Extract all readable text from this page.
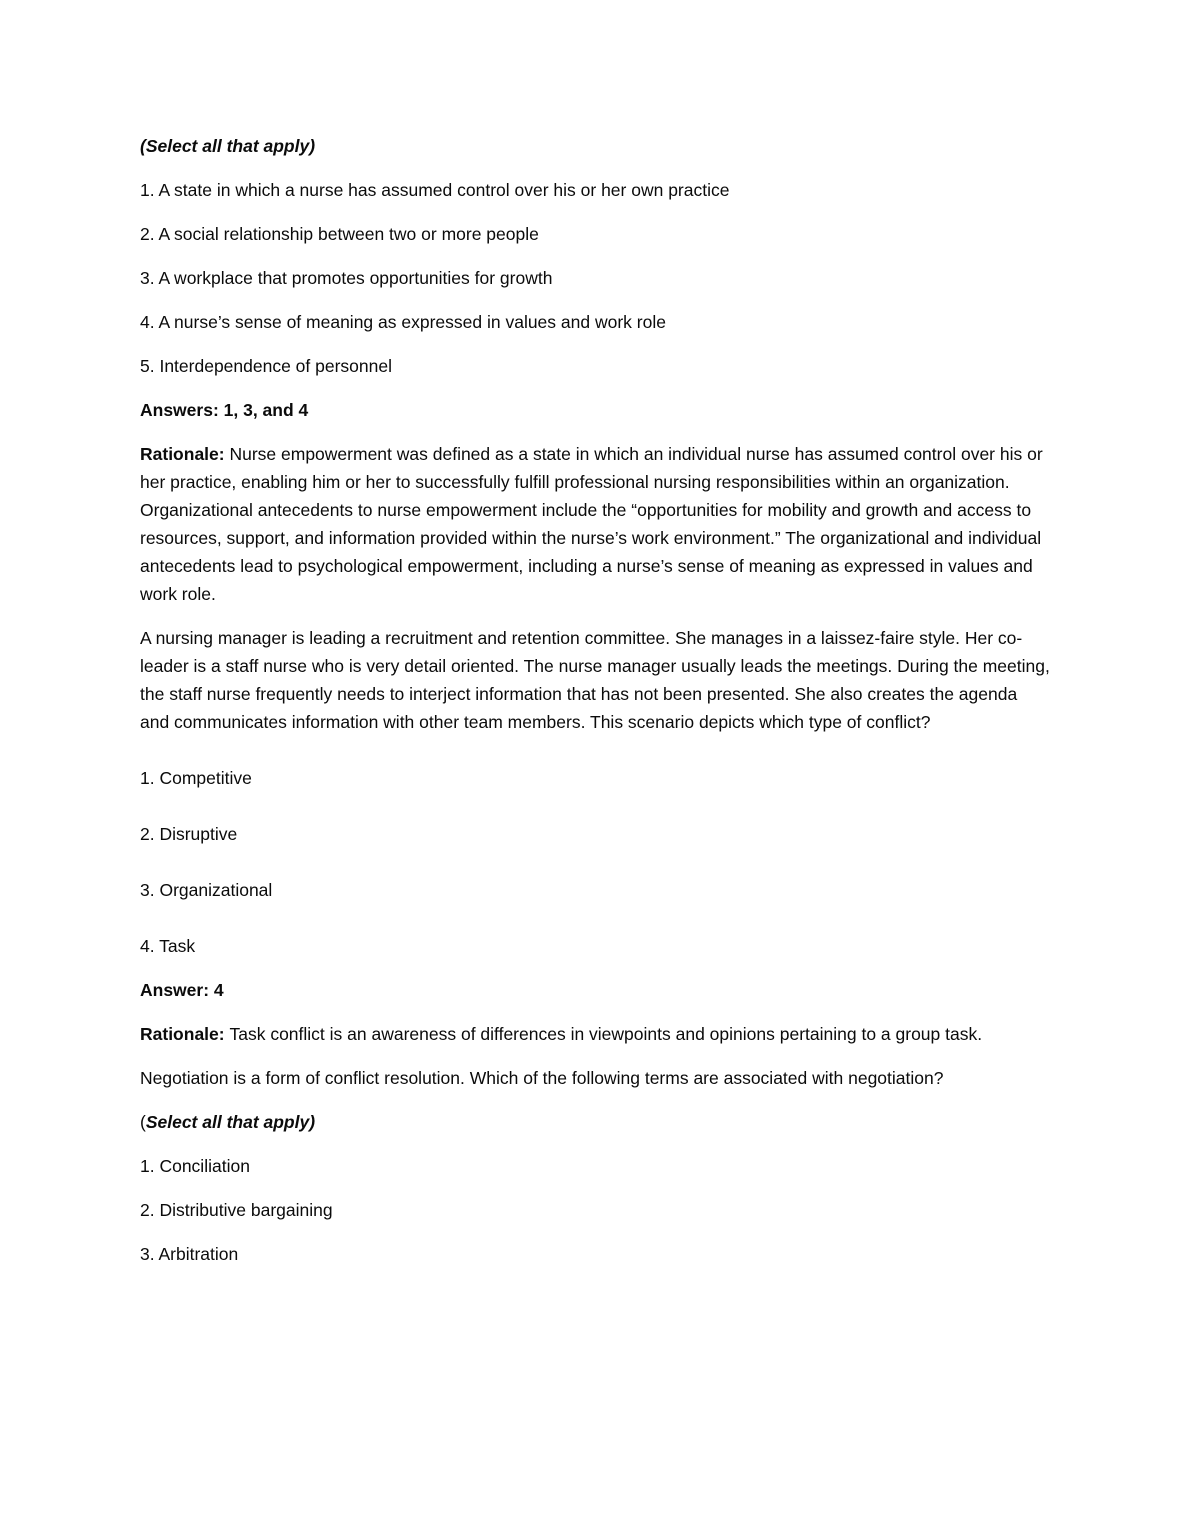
(Select all that apply)

1. A state in which a nurse has assumed control over his or her own practice

2. A social relationship between two or more people

3. A workplace that promotes opportunities for growth

4. A nurse’s sense of meaning as expressed in values and work role

5. Interdependence of personnel

Answers: 1, 3, and 4

Rationale: Nurse empowerment was defined as a state in which an individual nurse has assumed control over his or her practice, enabling him or her to successfully fulfill professional nursing responsibilities within an organization. Organizational antecedents to nurse empowerment include the “opportunities for mobility and growth and access to resources, support, and information provided within the nurse’s work environment.” The organizational and individual antecedents lead to psychological empowerment, including a nurse’s sense of meaning as expressed in values and work role.

A nursing manager is leading a recruitment and retention committee. She manages in a laissez-faire style. Her co-leader is a staff nurse who is very detail oriented. The nurse manager usually leads the meetings. During the meeting, the staff nurse frequently needs to interject information that has not been presented. She also creates the agenda and communicates information with other team members. This scenario depicts which type of conflict?

1. Competitive

2. Disruptive

3. Organizational

4. Task

Answer: 4

Rationale: Task conflict is an awareness of differences in viewpoints and opinions pertaining to a group task.

Negotiation is a form of conflict resolution. Which of the following terms are associated with negotiation?

(Select all that apply)

1. Conciliation

2. Distributive bargaining

3. Arbitration
